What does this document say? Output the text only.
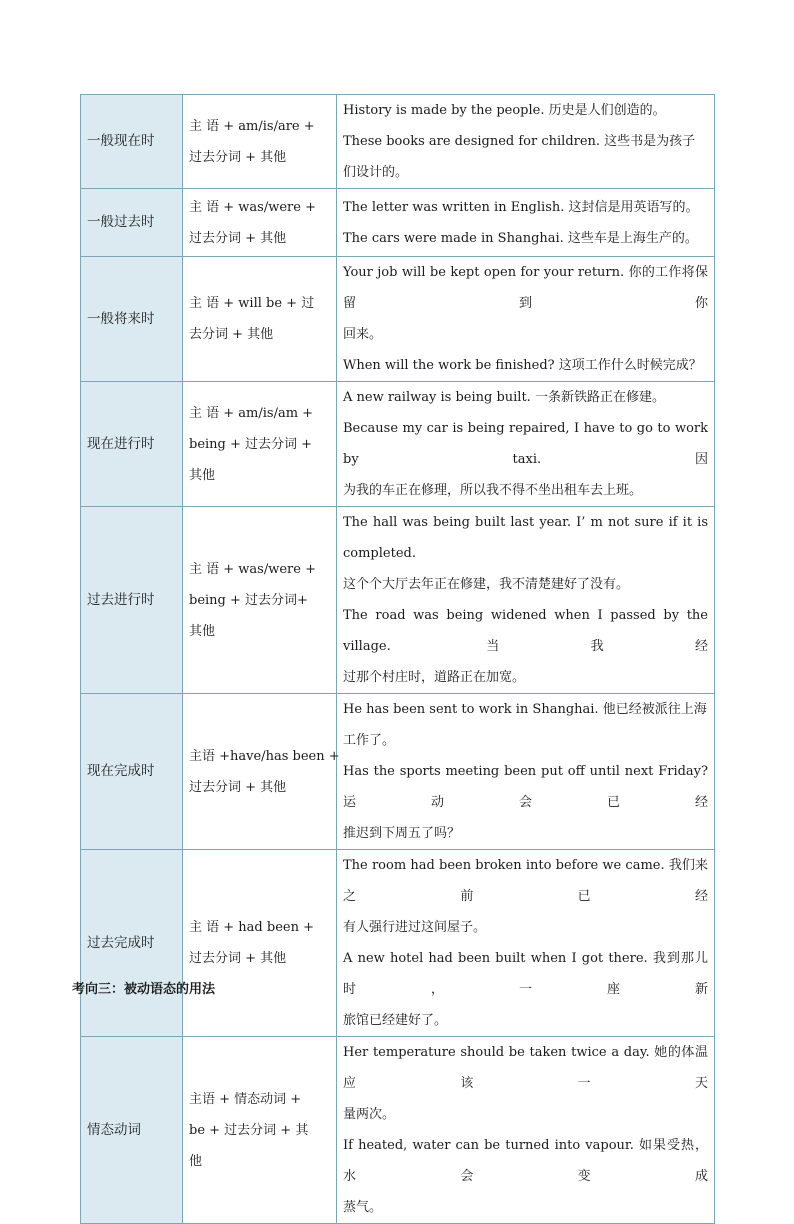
一般现在时	主 语 + am/is/are +
过去分词 + 其他	History is made by the people. 历史是人们创造的。
These books are designed for children. 这些书是为孩子们设计的。

一般过去时	主 语 + was/were +
过去分词 + 其他	The letter was written in English. 这封信是用英语写的。
The cars were made in Shanghai. 这些车是上海生产的。

一般将来时	主 语 + will be + 过
去分词 + 其他	Your job will be kept open for your return. 你的工作将保留到你
回来。
When will the work be finished? 这项工作什么时候完成？

现在进行时	主 语 + am/is/am +
being + 过去分词 +
其他	A new railway is being built. 一条新铁路正在修建。
Because my car is being repaired, I have to go to work by taxi. 因
为我的车正在修理，所以我不得不坐出租车去上班。

过去进行时	主 语 + was/were +
being + 过去分词+
其他	The hall was being built last year. I’ m not sure if it is completed.
这个个大厅去年正在修建，我不清楚建好了没有。
The road was being widened when I passed by the village. 当我经
过那个村庄时，道路正在加宽。

现在完成时	主语 +have/has been +
过去分词 + 其他	He has been sent to work in Shanghai. 他已经被派往上海工作了。
Has the sports meeting been put off until next Friday? 运动会已经
推迟到下周五了吗？

过去完成时	主 语 + had been +
过去分词 + 其他	The room had been broken into before we came. 我们来之前已经
有人强行进过这间屋子。
A new hotel had been built when I got there. 我到那儿时，一座新
旅馆已经建好了。

情态动词	主语 + 情态动词 +
be + 过去分词 + 其
他	Her temperature should be taken twice a day. 她的体温应该一天
量两次。
If heated, water can be turned into vapour. 如果受热，水会变成
蒸气。
考向三：被动语态的用法
